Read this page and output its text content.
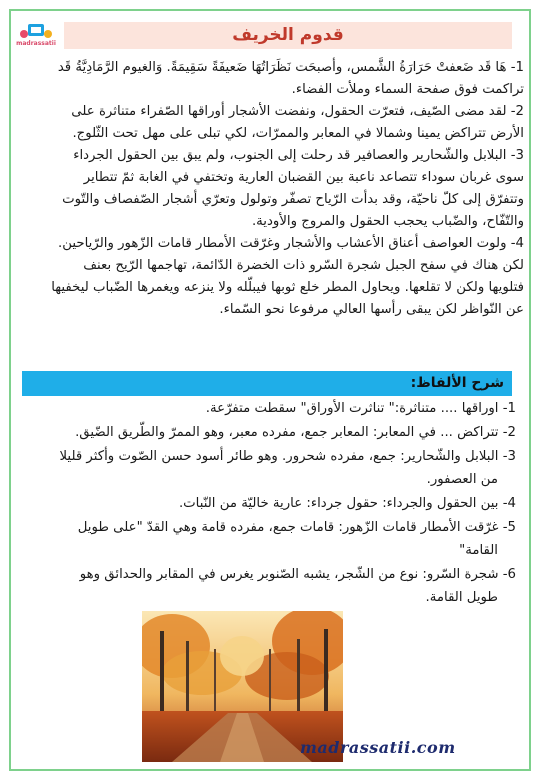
madrassatii	قدوم الخريف
1- هَا قَد ضَعفتْ حَرَارَةُ الشَّمس، وأصبحَت نَظَرَاتُهَا ضَعيفَةً سَقِيمَةً. وَالغيوم الرَّمَادِيَّةُ قَد تراكمت فوق صفحة السماء وملأت الفضاء.
2- لقد مضى الصّيف، فتعرّت الحقول، ونفضت الأشجار أوراقها الصّفراء متناثرة على الأرض تتراكض يمينا وشمالا في المعابر والممرّات، لكي تبلى على مهل تحت الثّلوج.
3- البلابل والشّحارير والعصافير قد رحلت إلى الجنوب، ولم يبق بين الحقول الجرداء سوى غربان سوداء تتصاعد ناعبة بين القضبان العارية وتختفي في الغابة ثمّ تتطاير وتتفرّق إلى كلّ ناحيّة، وقد بدأت الرّياح تصفّر وتولول وتعرّي أشجار الصّفصاف والتّوت والتّفّاح، والضّباب يحجب الحقول والمروج والأودية.
4- ولوت العواصف أعناق الأعشاب والأشجار وغرّقت الأمطار قامات الزّهور والرّياحين. لكن هناك في سفح الجبل شجرة السّرو ذات الخضرة الدّائمة، تهاجمها الرّيح بعنف فتلويها ولكن لا تقلعها. ويحاول المطر خلع ثوبها فيبلّله ولا ينزعه ويغمرها الضّباب ليخفيها عن النّواظر لكن يبقى رأسها العالي مرفوعا نحو السّماء.
شرح الألفاظ:
1- اوراقها .... متناثرة:" تناثرت الأوراق" سقطت متفرّعة.
2- تتراكض ... في المعابر: المعابر جمع، مفرده معبر، وهو الممرّ والطّريق الضّيق.
3- البلابل والشّحارير: جمع، مفرده شحرور. وهو طائر أسود حسن الصّوت وأكثر قليلا من العصفور.
4- بين الحقول والجرداء: حقول جرداء: عارية خاليّة من النّبات.
5- غرّقت الأمطار قامات الزّهور: قامات جمع، مفرده قامة وهي القدّ "على طويل القامة"
6- شجرة السّرو: نوع من الشّجر، يشبه الصّنوبر يغرس في المقابر والحدائق وهو طويل القامة.
madrassatii.com
